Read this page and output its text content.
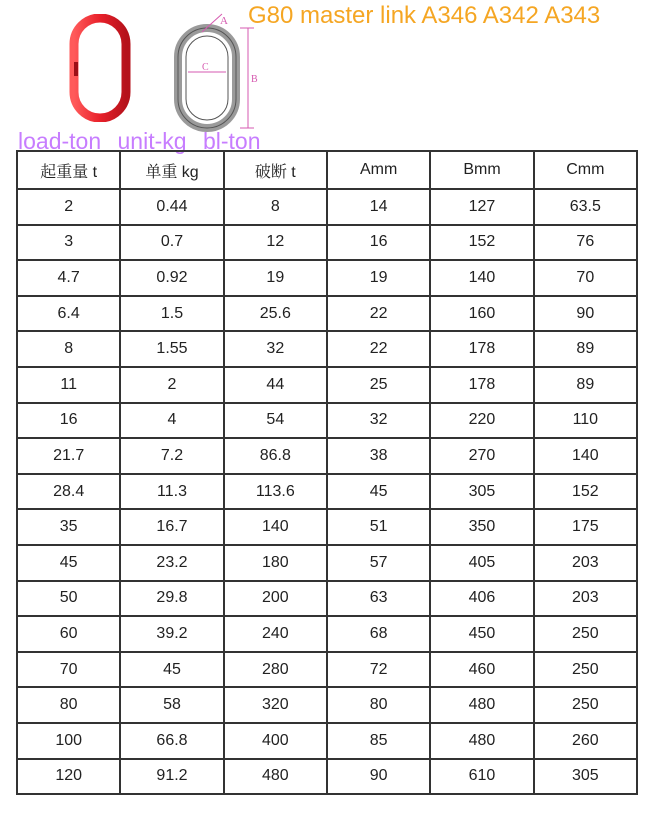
A
C
B
G80 master link A346 A342 A343
load-ton unit-kg bl-ton
起重量 t	单重 kg	破断 t	Amm	Bmm	Cmm
2	0.44	8	14	127	63.5
3	0.7	12	16	152	76
4.7	0.92	19	19	140	70
6.4	1.5	25.6	22	160	90
8	1.55	32	22	178	89
11	2	44	25	178	89
16	4	54	32	220	110
21.7	7.2	86.8	38	270	140
28.4	11.3	113.6	45	305	152
35	16.7	140	51	350	175
45	23.2	180	57	405	203
50	29.8	200	63	406	203
60	39.2	240	68	450	250
70	45	280	72	460	250
80	58	320	80	480	250
100	66.8	400	85	480	260
120	91.2	480	90	610	305
